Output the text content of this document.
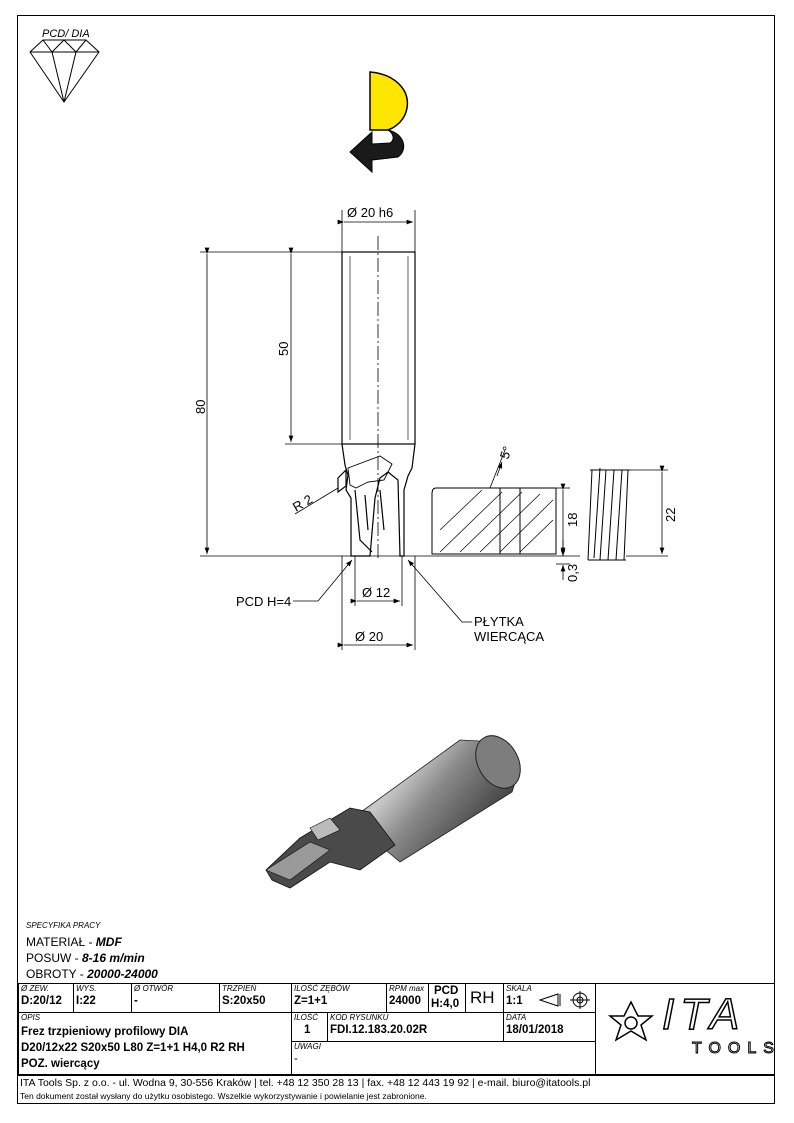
PCD/ DIA
Ø 20 h6
50
80
R 2
5°
18	22
0,3
Ø 12
Ø 20
PCD H=4
PŁYTKA
WIERCĄCA
SPECYFIKA PRACY
MATERIAŁ - MDF
POSUW - 8-16 m/min
OBROTY - 20000-24000
Ø ZEW.
D:20/12
WYS.
I:22
Ø OTWÓR
-
TRZPIEŃ
S:20x50
ILOŚĆ ZĘBÓW
Z=1+1
RPM max
24000
PCD
H:4,0 RH SKALA
1:1
OPIS
Frez trzpieniowy profilowy DIA
D20/12x22 S20x50 L80 Z=1+1 H4,0 R2 RH
POZ. wiercący
ILOŚĆ
1
KOD RYSUNKU
FDI.12.183.20.02R
DATA
18/01/2018
UWAGI
-
ITA
TOOLS
ITA Tools Sp. z o.o. - ul. Wodna 9, 30-556 Kraków | tel. +48 12 350 28 13 | fax. +48 12 443 19 92 | e-mail. biuro@itatools.pl
Ten dokument został wysłany do użytku osobistego. Wszelkie wykorzystywanie i powielanie jest zabronione.
